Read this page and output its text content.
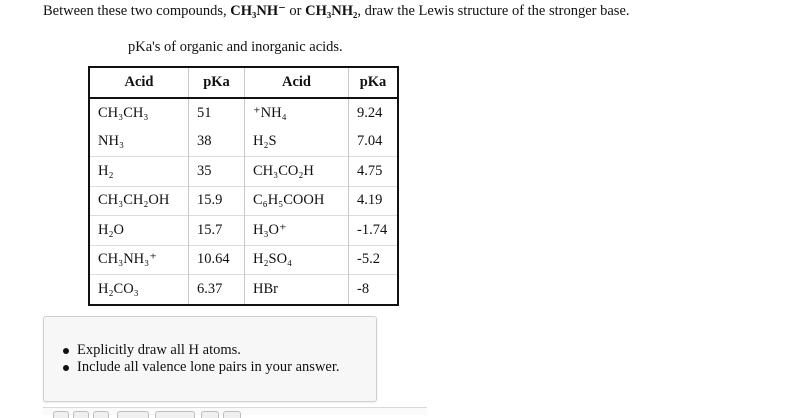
Between these two compounds, CH₃NH⁻ or CH₃NH₂, draw the Lewis structure of the stronger base.
pKa's of organic and inorganic acids.
Acid	pKa	Acid	pKa
CH₃CH₃	51	⁺NH₄	9.24
NH₃	38	H₂S	7.04
H₂	35	CH₃CO₂H	4.75
CH₃CH₂OH	15.9	C₆H₅COOH	4.19
H₂O	15.7	H₃O⁺	-1.74
CH₃NH₃⁺	10.64	H₂SO₄	-5.2
H₂CO₃	6.37	HBr	-8
Explicitly draw all H atoms.
Include all valence lone pairs in your answer.
